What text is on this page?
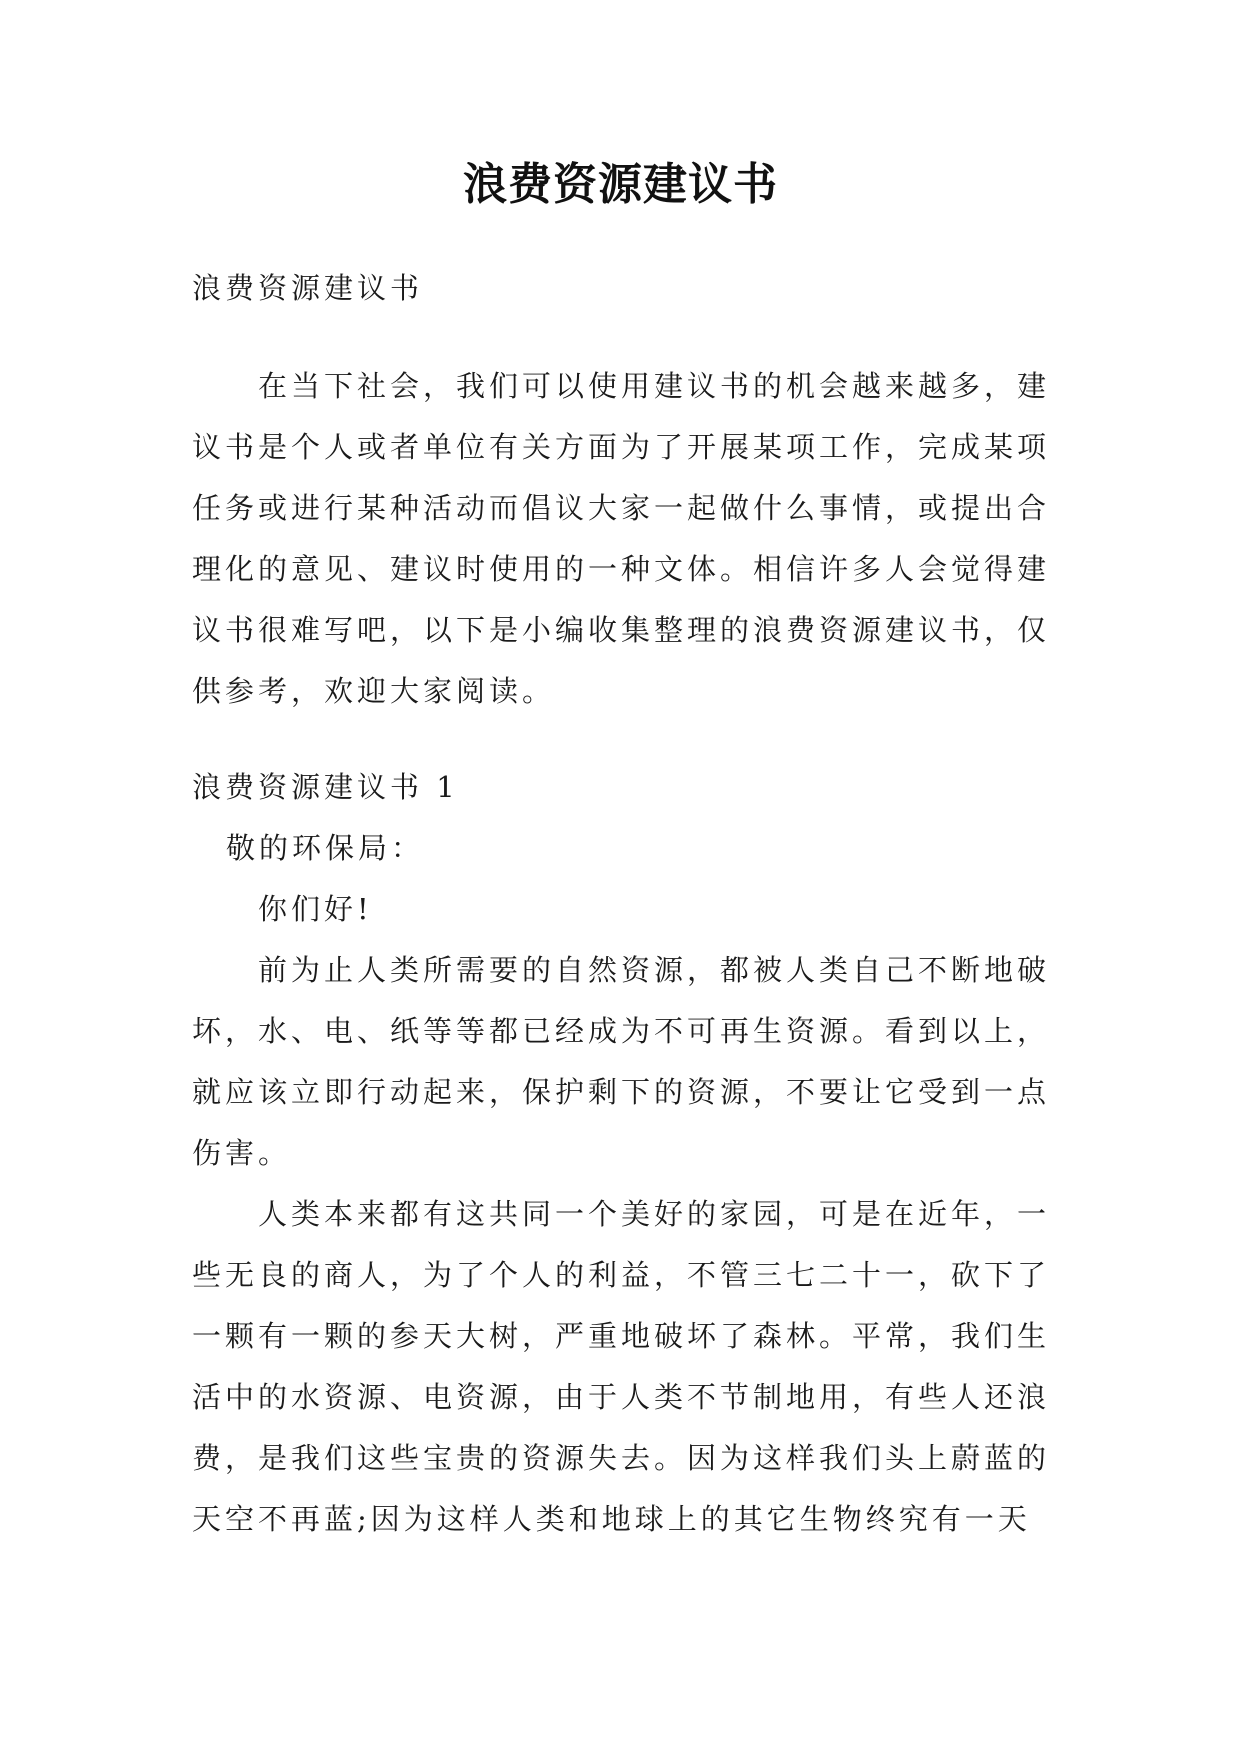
浪费资源建议书
浪费资源建议书
在当下社会，我们可以使用建议书的机会越来越多，建
议书是个人或者单位有关方面为了开展某项工作，完成某项
任务或进行某种活动而倡议大家一起做什么事情，或提出合
理化的意见、建议时使用的一种文体。相信许多人会觉得建
议书很难写吧，以下是小编收集整理的浪费资源建议书，仅
供参考，欢迎大家阅读。
浪费资源建议书 1
敬的环保局：
你们好!
前为止人类所需要的自然资源，都被人类自己不断地破
坏，水、电、纸等等都已经成为不可再生资源。看到以上，
就应该立即行动起来，保护剩下的资源，不要让它受到一点
伤害。
人类本来都有这共同一个美好的家园，可是在近年，一
些无良的商人，为了个人的利益，不管三七二十一，砍下了
一颗有一颗的参天大树，严重地破坏了森林。平常，我们生
活中的水资源、电资源，由于人类不节制地用，有些人还浪
费，是我们这些宝贵的资源失去。因为这样我们头上蔚蓝的
天空不再蓝;因为这样人类和地球上的其它生物终究有一天
